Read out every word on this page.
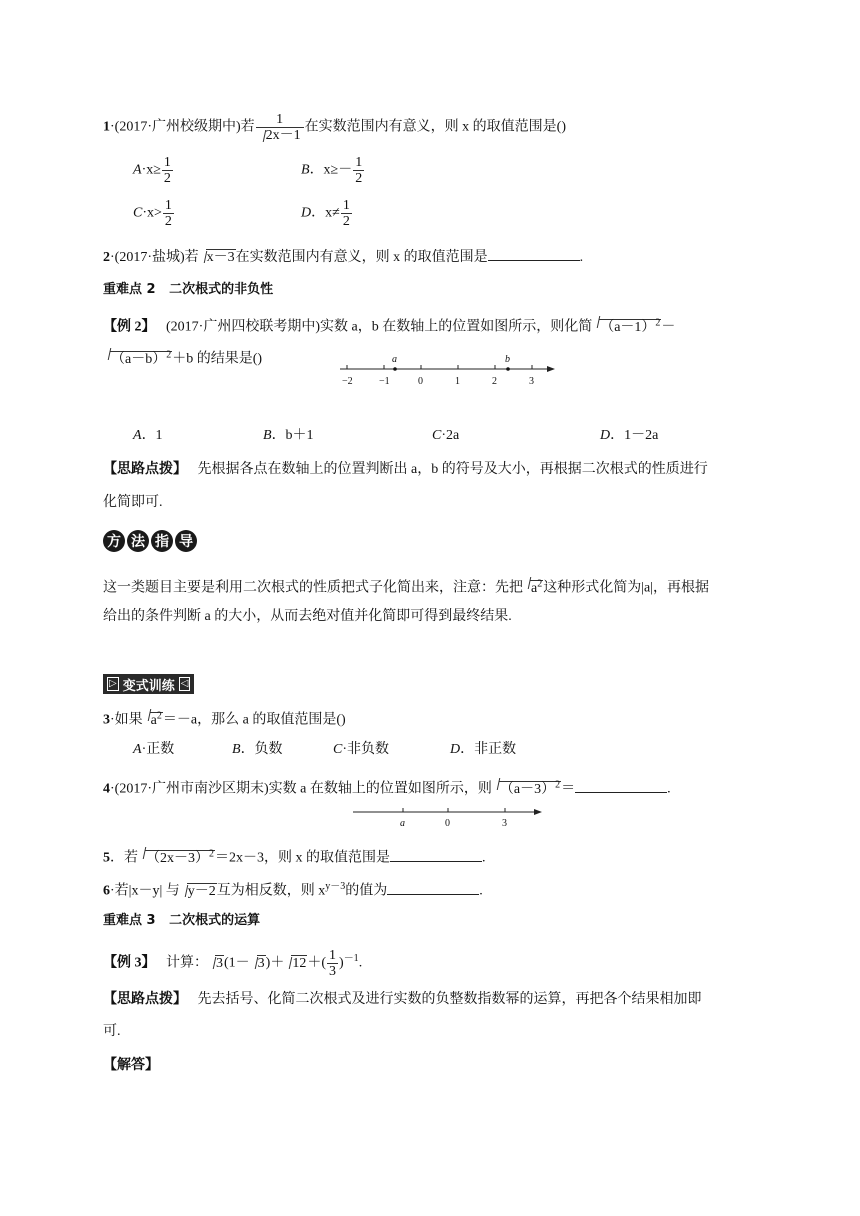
1·(2017·广州校级期中)若 $\frac{1}{2x-1}$ 在实数范围内有意义，则 x 的取值范围是()
$A\cdot x\ge \frac{1}{2}$	B．$x\ge- \frac{1}{2}$
$C\cdot x> \frac{1}{2}$	D．$x\ne \frac{1}{2}$
2·(2017·盐城)若 x－3在实数范围内有意义，则 x 的取值范围是	.
重难点 2 二次根式的非负性
【例 2】 (2017·广州四校联考期中)实数 a，b 在数轴上的位置如图所示，则化简 $(a-1)^2-$
$(a-b)^2+b$ 的结果是()
−2	−1	0	1	2	3
a	b
A．1	B．b＋1	C·2a	D．1－2a
【思路点拨】 先根据各点在数轴上的位置判断出 a，b 的符号及大小，再根据二次根式的性质进行
化简即可.
方 法 指 导
这一类题目主要是利用二次根式的性质把式子化简出来，注意：先把 $a^2$这种形式化简为|a|，再根据
给出的条件判断 a 的大小，从而去绝对值并化简即可得到最终结果.
▷ 变式训练 ◁
3·如果 $a^2=-a$，那么 a 的取值范围是()
A·正数	B．负数	C·非负数	D．非正数
4·(2017·广州市南沙区期末)实数 a 在数轴上的位置如图所示，则 $(a-3)^2=$	.
a	0	3
5．若 $(2x-3)^2=2x-3$，则 x 的取值范围是	.
6·若|x－y| 与 y－2互为相反数，则 $x^{y-3}$的值为	.
重难点 3 二次根式的运算
【例 3】 计算： $3(1- 3)+ 12+( \frac{1}{3} )^{-1}$.
【思路点拨】 先去括号、化简二次根式及进行实数的负整数指数幂的运算，再把各个结果相加即
可.
【解答】
